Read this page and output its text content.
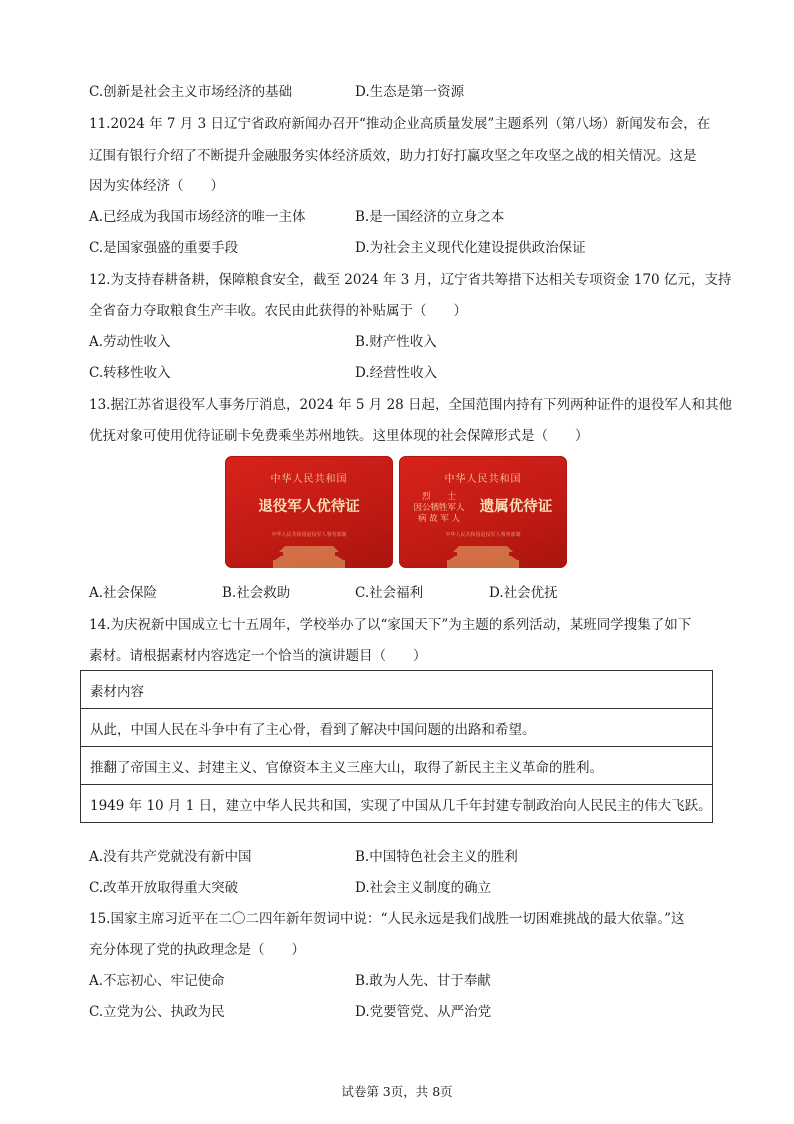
C.创新是社会主义市场经济的基础	D.生态是第一资源
11.2024 年 7 月 3 日辽宁省政府新闻办召开“推动企业高质量发展”主题系列（第八场）新闻发布会，在
辽围有银行介绍了不断提升金融服务实体经济质效，助力打好打赢攻坚之年攻坚之战的相关情况。这是
因为实体经济（　　）
A.已经成为我国市场经济的唯一主体	B.是一国经济的立身之本
C.是国家强盛的重要手段	D.为社会主义现代化建设提供政治保证
12.为支持春耕备耕，保障粮食安全，截至 2024 年 3 月，辽宁省共筹措下达相关专项资金 170 亿元，支持
全省奋力夺取粮食生产丰收。农民由此获得的补贴属于（　　）
A.劳动性收入	B.财产性收入
C.转移性收入	D.经营性收入
13.据江苏省退役军人事务厅消息，2024 年 5 月 28 日起，全国范围内持有下列两种证件的退役军人和其他
优抚对象可使用优待证刷卡免费乘坐苏州地铁。这里体现的社会保障形式是（　　）
中华人民共和国
退役军人优待证
中华人民共和国退役军人事务部制
中华人民共和国
烈　　士
因公牺牲军人
病 故 军 人
遗属优待证
中华人民共和国退役军人事务部制
A.社会保险	B.社会救助	C.社会福利	D.社会优抚
14.为庆祝新中国成立七十五周年，学校举办了以“家国天下”为主题的系列活动，某班同学搜集了如下
素材。请根据素材内容选定一个恰当的演讲题目（　　）
素材内容
从此，中国人民在斗争中有了主心骨，看到了解决中国问题的出路和希望。
推翻了帝国主义、封建主义、官僚资本主义三座大山，取得了新民主主义革命的胜利。
1949 年 10 月 1 日，建立中华人民共和国，实现了中国从几千年封建专制政治向人民民主的伟大飞跃。
A.没有共产党就没有新中国	B.中国特色社会主义的胜利
C.改革开放取得重大突破	D.社会主义制度的确立
15.国家主席习近平在二〇二四年新年贺词中说：“人民永远是我们战胜一切困难挑战的最大依靠。”这
充分体现了党的执政理念是（　　）
A.不忘初心、牢记使命	B.敢为人先、甘于奉献
C.立党为公、执政为民	D.党要管党、从严治党
试卷第 3页，共 8页
